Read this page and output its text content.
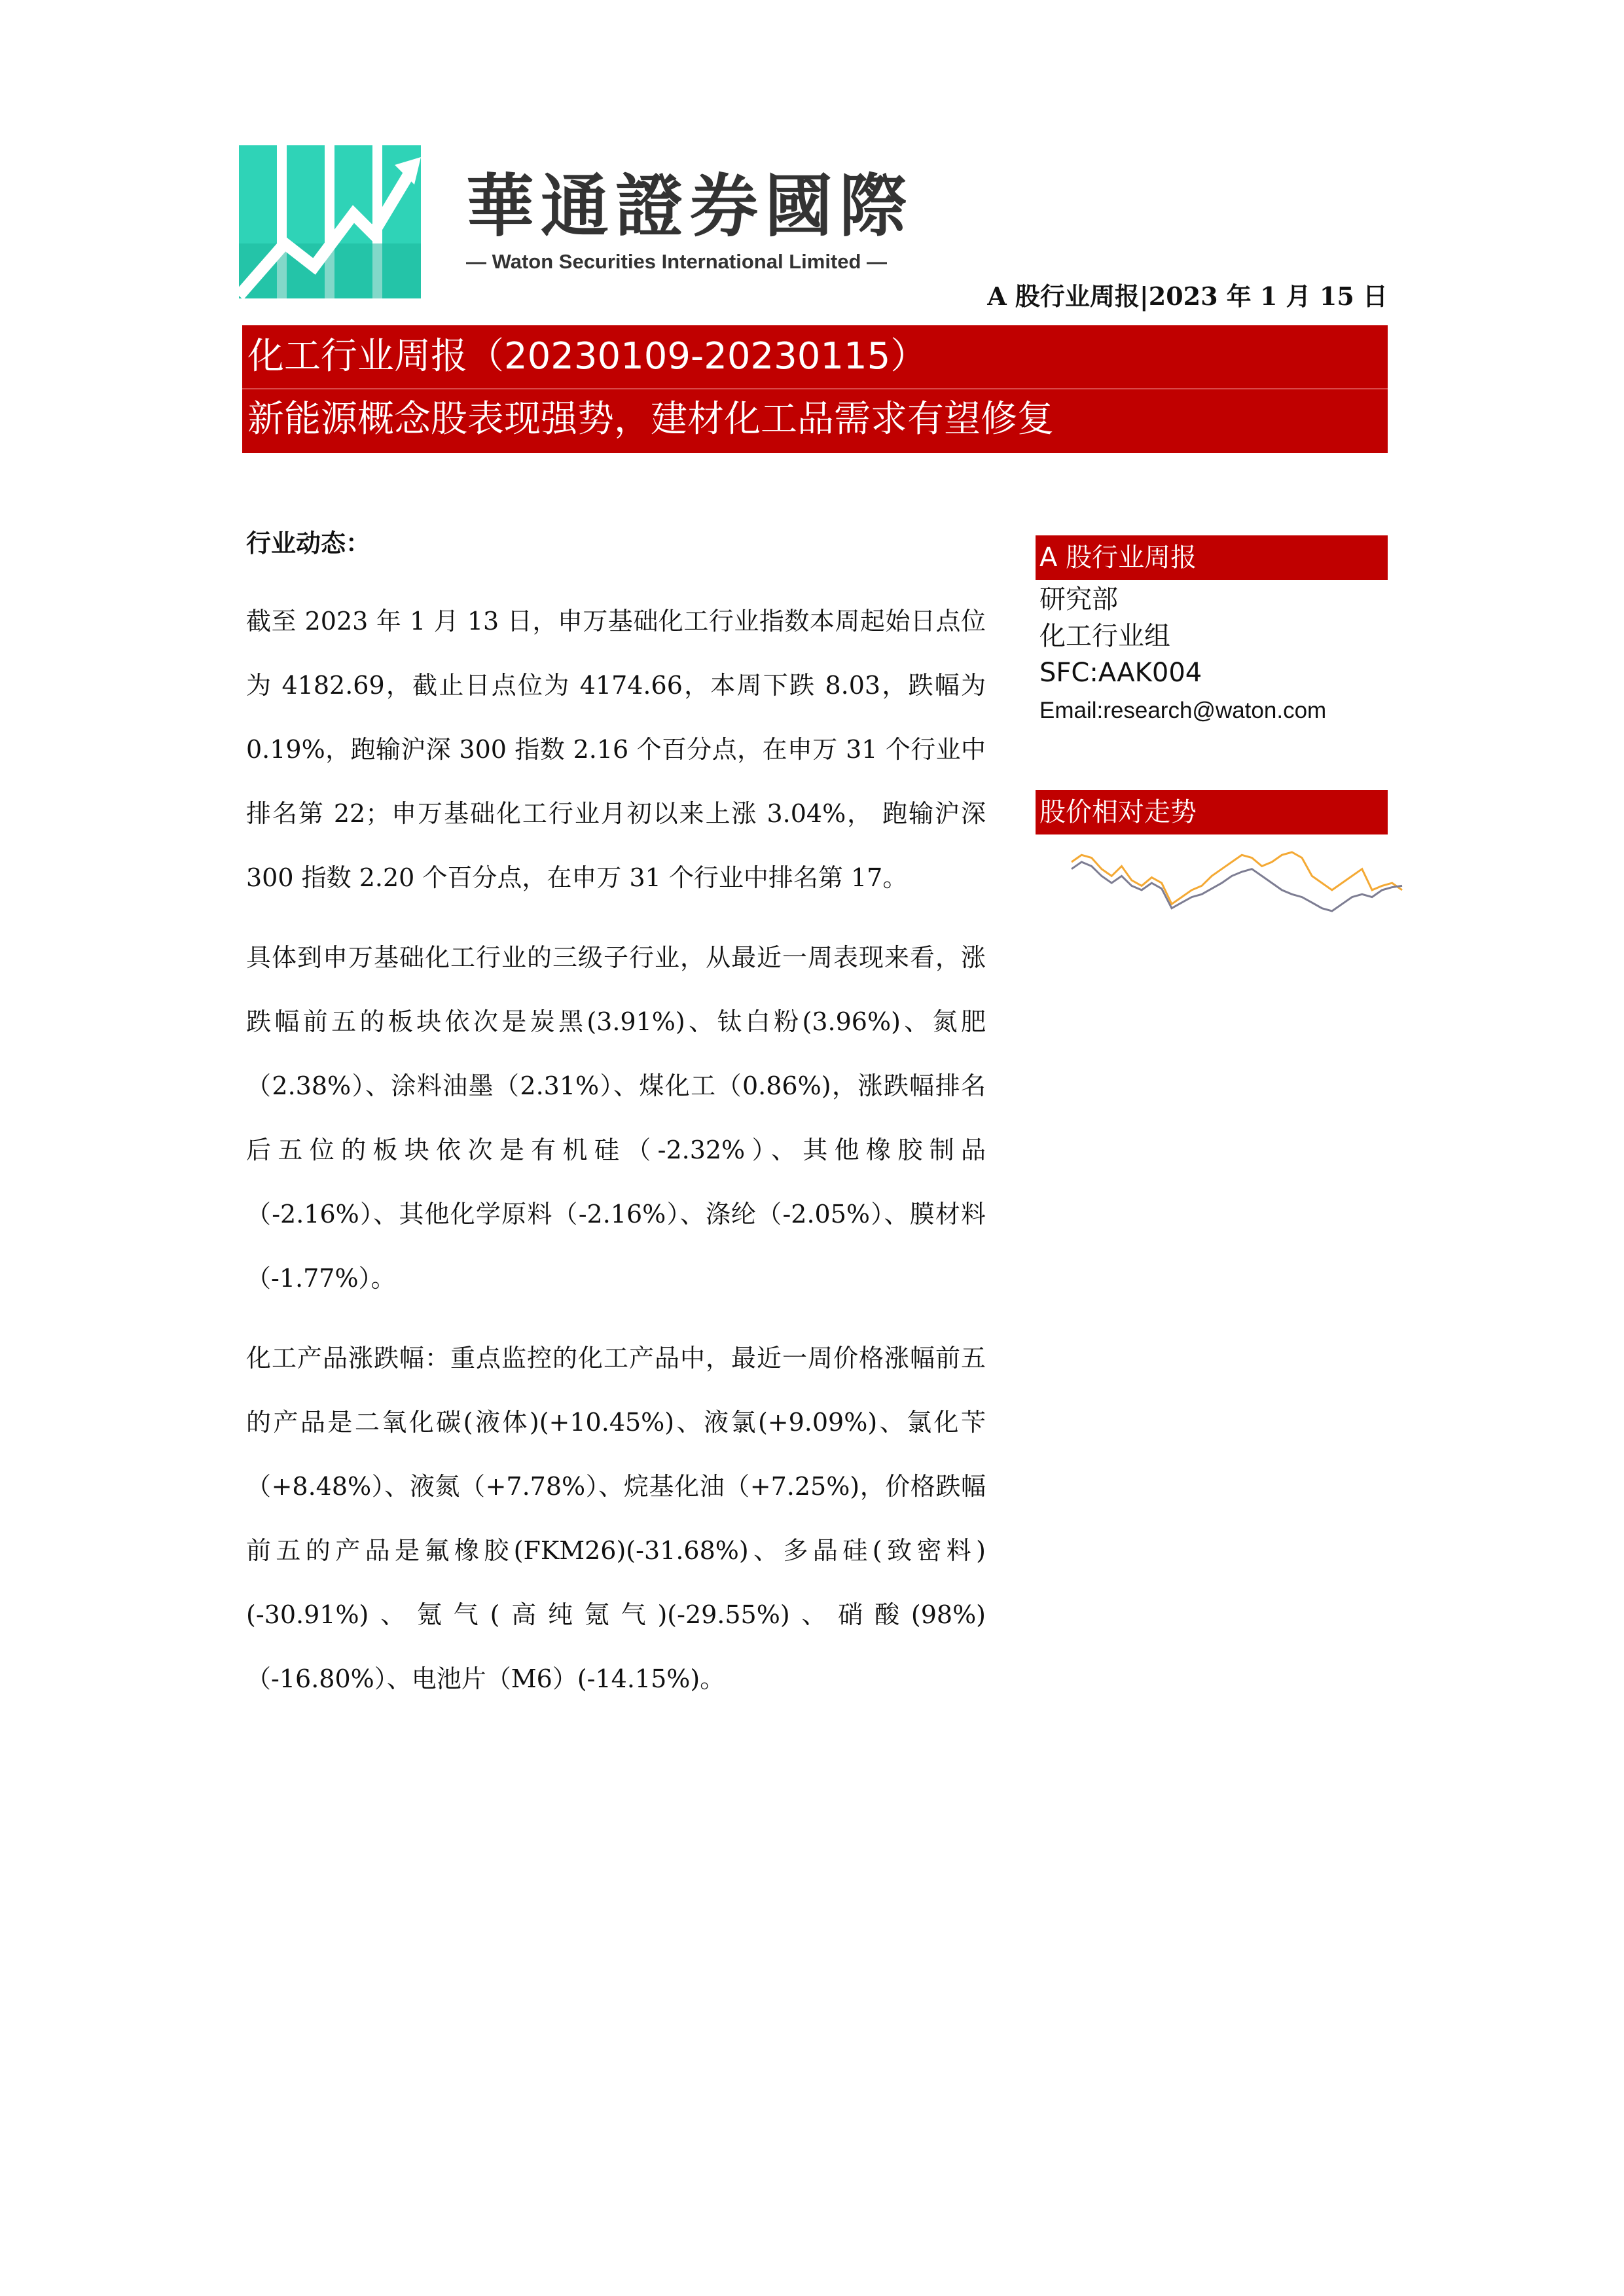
華通證券國際
— Waton Securities International Limited —
A 股行业周报|2023 年 1 月 15 日
化工行业周报（20230109-20230115）
新能源概念股表现强势，建材化工品需求有望修复
行业动态：

截至 2023 年 1 月 13 日，申万基础化工行业指数本周起始日点位为 4182.69，截止日点位为 4174.66，本周下跌 8.03，跌幅为 0.19%，跑输沪深 300 指数 2.16 个百分点，在申万 31 个行业中排名第 22；申万基础化工行业月初以来上涨 3.04%， 跑输沪深 300 指数 2.20 个百分点，在申万 31 个行业中排名第 17。

具体到申万基础化工行业的三级子行业，从最近一周表现来看，涨跌幅前五的板块依次是炭黑(3.91%)、钛白粉(3.96%)、氮肥（2.38%）、涂料油墨（2.31%）、煤化工（0.86%)，涨跌幅排名后五位的板块依次是有机硅（-2.32%）、其他橡胶制品（-2.16%）、其他化学原料（-2.16%）、涤纶（-2.05%）、膜材料（-1.77%）。

化工产品涨跌幅：重点监控的化工产品中，最近一周价格涨幅前五的产品是二氧化碳(液体)(+10.45%)、液氯(+9.09%)、氯化苄（+8.48%）、液氮（+7.78%）、烷基化油（+7.25%)，价格跌幅前五的产品是氟橡胶(FKM26)(-31.68%)、多晶硅(致密料)(-30.91%)、氪气(高纯氪气)(-29.55%)、硝酸(98%)（-16.80%）、电池片（M6）(-14.15%)。

A 股行业周报
研究部
化工行业组
SFC:AAK004
Email:research@waton.com
股价相对走势
